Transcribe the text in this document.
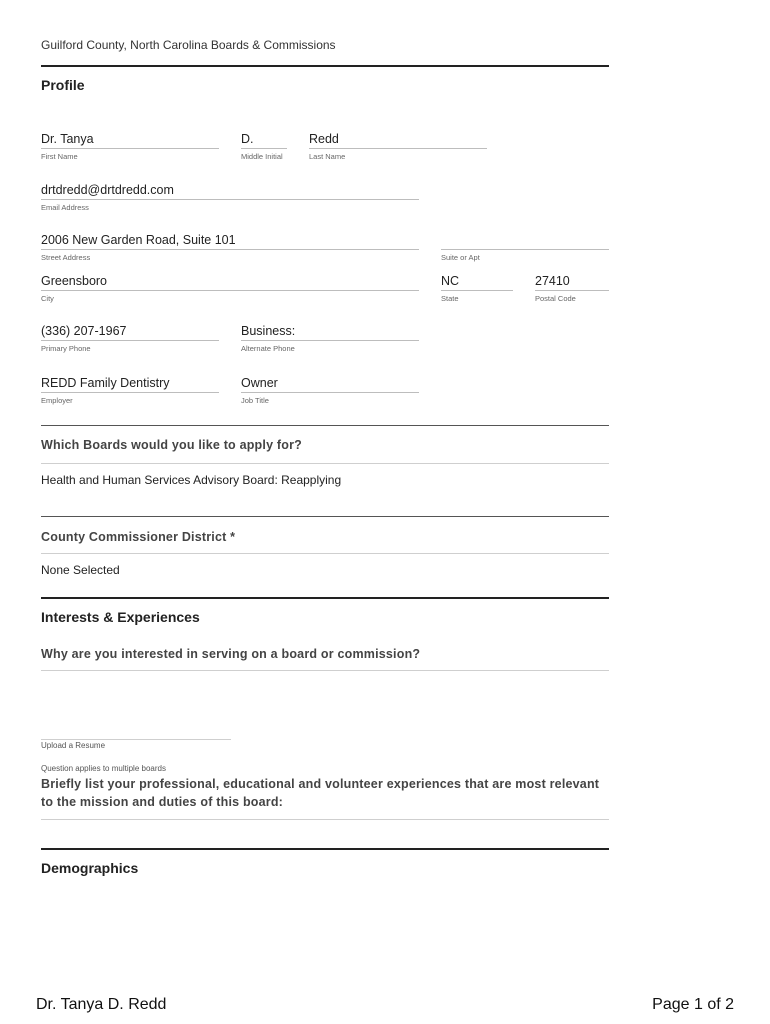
Guilford County, North Carolina Boards & Commissions
Profile
Dr. Tanya
First Name
D.
Middle Initial
Redd
Last Name
drtdredd@drtdredd.com
Email Address
2006 New Garden Road, Suite 101
Street Address	Suite or Apt
Greensboro
City
NC
State
27410
Postal Code
(336) 207-1967
Primary Phone
Business:
Alternate Phone
REDD Family Dentistry
Employer
Owner
Job Title
Which Boards would you like to apply for?
Health and Human Services Advisory Board: Reapplying
County Commissioner District *
None Selected
Interests & Experiences
Why are you interested in serving on a board or commission?
Upload a Resume
Question applies to multiple boards
Briefly list your professional, educational and volunteer experiences that are most relevant
to the mission and duties of this board:
Demographics
Dr. Tanya D. Redd	Page 1 of 2
